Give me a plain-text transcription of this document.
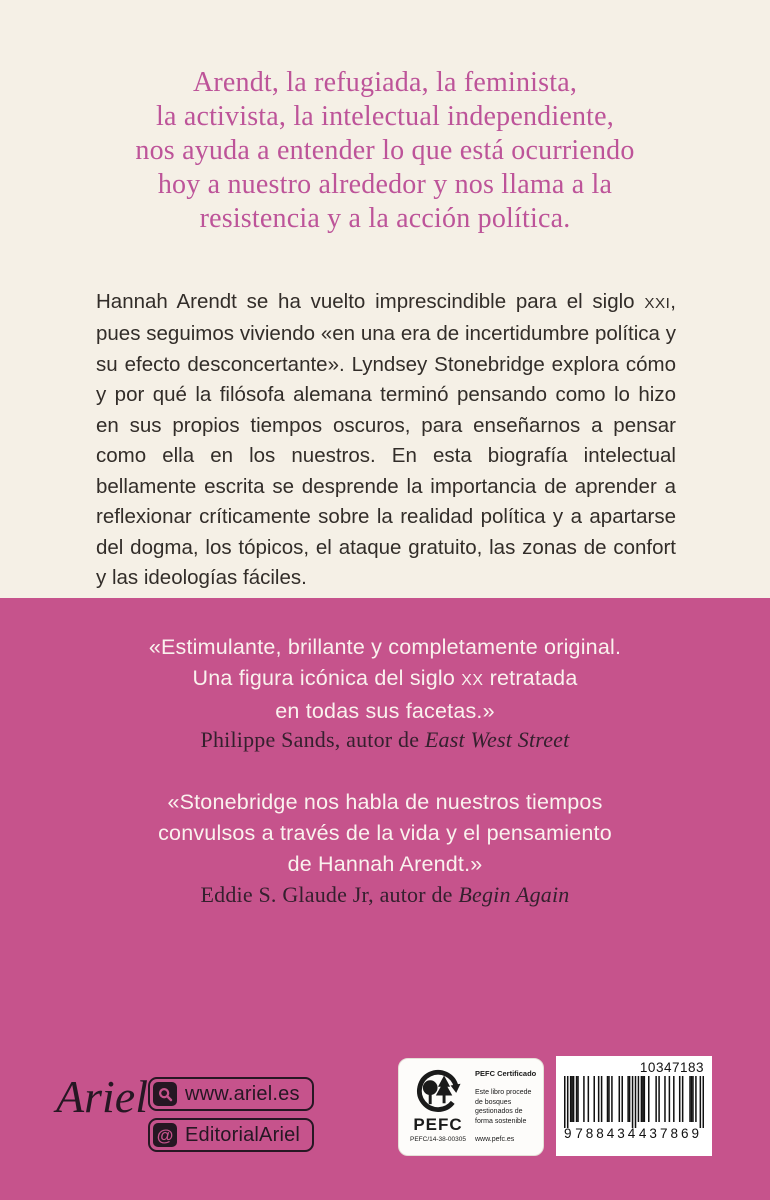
Arendt, la refugiada, la feminista,
la activista, la intelectual independiente,
nos ayuda a entender lo que está ocurriendo
hoy a nuestro alrededor y nos llama a la
resistencia y a la acción política.

Hannah Arendt se ha vuelto imprescindible para el siglo XXI, pues seguimos viviendo «en una era de incertidumbre política y su efecto desconcertante». Lyndsey Stonebridge explora cómo y por qué la filósofa alemana terminó pensando como lo hizo en sus propios tiempos oscuros, para enseñarnos a pensar como ella en los nuestros. En esta biografía intelectual bellamente escrita se desprende la importancia de aprender a reflexionar críticamente sobre la realidad política y a apartarse del dogma, los tópicos, el ataque gratuito, las zonas de confort y las ideologías fáciles.

«Estimulante, brillante y completamente original.
Una figura icónica del siglo XX retratada
en todas sus facetas.»
Philippe Sands, autor de East West Street
«Stonebridge nos habla de nuestros tiempos
convulsos a través de la vida y el pensamiento
de Hannah Arendt.»
Eddie S. Glaude Jr, autor de Begin Again
Ariel www.ariel.es
@ EditorialAriel	PEFC
PEFC/14-38-00305
PEFC Certificado
Este libro procede de bosques gestionados de forma sostenible
www.pefc.es
10347183
9 788434 437869
